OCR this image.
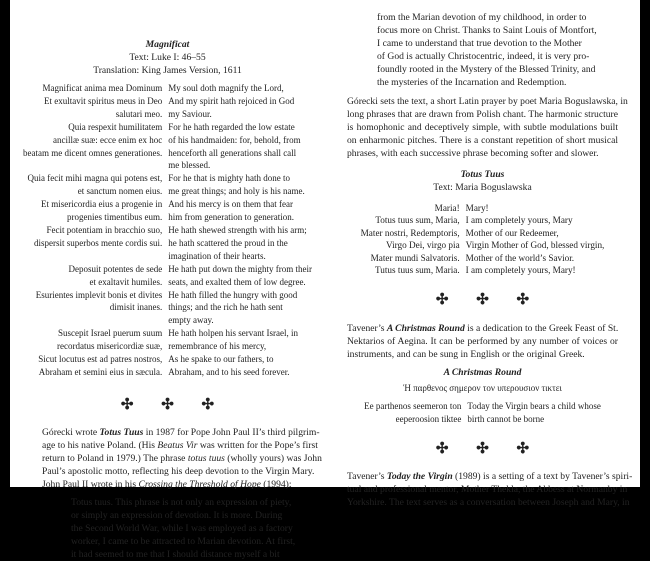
Magnificat
Text: Luke I: 46–55
Translation: King James Version, 1611
Magnificat anima mea Dominum	My soul doth magnify the Lord,
Et exultavit spiritus meus in Deo	And my spirit hath rejoiced in God
salutari meo.	my Saviour.
Quia respexit humilitatem	For he hath regarded the low estate
ancillæ suæ: ecce enim ex hoc	of his handmaiden: for, behold, from
beatam me dicent omnes generationes.	henceforth all generations shall call
	me blessed.
Quia fecit mihi magna qui potens est,	For he that is mighty hath done to
et sanctum nomen eius.	me great things; and holy is his name.
Et misericordia eius a progenie in	And his mercy is on them that fear
progenies timentibus eum.	him from generation to generation.
Fecit potentiam in bracchio suo,	He hath shewed strength with his arm;
dispersit superbos mente cordis sui.	he hath scattered the proud in the
	imagination of their hearts.
Deposuit potentes de sede	He hath put down the mighty from their
et exaltavit humiles.	seats, and exalted them of low degree.
Esurientes implevit bonis et divites	He hath filled the hungry with good
dimisit inanes.	things; and the rich he hath sent
	empty away.
Suscepit Israel puerum suum	He hath holpen his servant Israel, in
recordatus misericordiæ suæ,	remembrance of his mercy,
Sicut locutus est ad patres nostros,	As he spake to our fathers, to
Abraham et semini eius in sæcula.	Abraham, and to his seed forever.
✣ ✣ ✣
Górecki wrote Totus Tuus in 1987 for Pope John Paul II’s third pilgrim-
age to his native Poland. (His Beatus Vir was written for the Pope’s first
return to Poland in 1979.) The phrase totus tuus (wholly yours) was John
Paul’s apostolic motto, reflecting his deep devotion to the Virgin Mary.
John Paul II wrote in his Crossing the Threshold of Hope (1994):
Totus tuus. This phrase is not only an expression of piety,
or simply an expression of devotion. It is more. During
the Second World War, while I was employed as a factory
worker, I came to be attracted to Marian devotion. At first,
it had seemed to me that I should distance myself a bit
from the Marian devotion of my childhood, in order to
focus more on Christ. Thanks to Saint Louis of Montfort,
I came to understand that true devotion to the Mother
of God is actually Christocentric, indeed, it is very pro-
foundly rooted in the Mystery of the Blessed Trinity, and
the mysteries of the Incarnation and Redemption.
Górecki sets the text, a short Latin prayer by poet Maria Boguslawska, in
long phrases that are drawn from Polish chant. The harmonic structure
is homophonic and deceptively simple, with subtle modulations built
on enharmonic pitches. There is a constant repetition of short musical
phrases, with each successive phrase becoming softer and slower.
Totus Tuus
Text: Maria Boguslawska
Maria!	Mary!
Totus tuus sum, Maria,	I am completely yours, Mary
Mater nostri, Redemptoris,	Mother of our Redeemer,
Virgo Dei, virgo pia	Virgin Mother of God, blessed virgin,
Mater mundi Salvatoris.	Mother of the world’s Savior.
Tutus tuus sum, Maria.	I am completely yours, Mary!
✣ ✣ ✣
Tavener’s A Christmas Round is a dedication to the Greek Feast of St.
Nektarios of Aegina. It can be performed by any number of voices or
instruments, and can be sung in English or the original Greek.
A Christmas Round
Ἡ παρθενος σημερον τον υπερουσιον τικτει
Ee parthenos seemeron ton	Today the Virgin bears a child whose
eeperoosion tiktee	birth cannot be borne
✣ ✣ ✣
Tavener’s Today the Virgin (1989) is a setting of a text by Tavener’s spiri-
tual and professional mentor, Mother Thekla, the Abbess at Normanby in
Yorkshire. The text serves as a conversation between Joseph and Mary, in
